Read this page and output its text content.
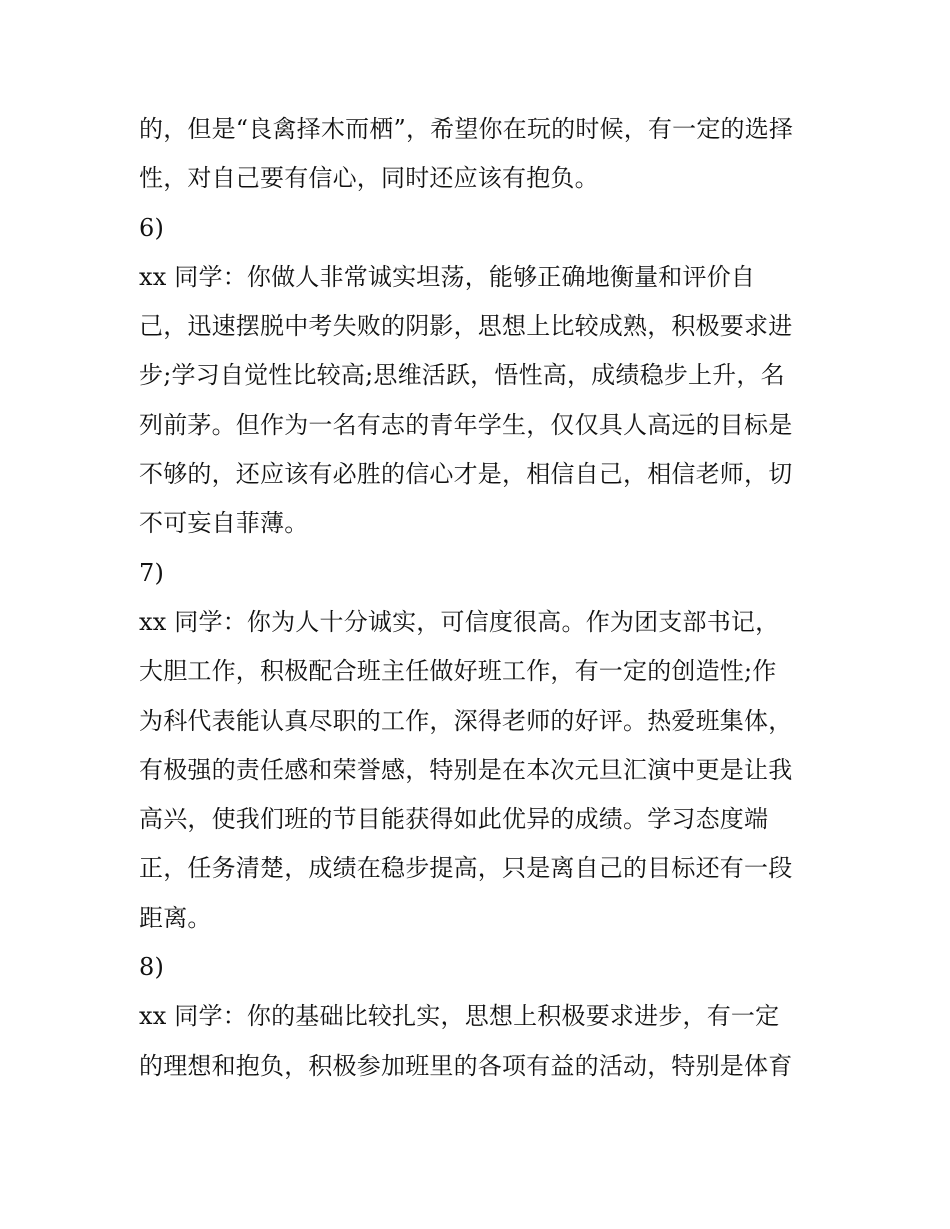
的，但是“良禽择木而栖”，希望你在玩的时候，有一定的选择
性，对自己要有信心，同时还应该有抱负。
6)
xx 同学：你做人非常诚实坦荡，能够正确地衡量和评价自
己，迅速摆脱中考失败的阴影，思想上比较成熟，积极要求进
步;学习自觉性比较高;思维活跃，悟性高，成绩稳步上升，名
列前茅。但作为一名有志的青年学生，仅仅具人高远的目标是
不够的，还应该有必胜的信心才是，相信自己，相信老师，切
不可妄自菲薄。
7)
xx 同学：你为人十分诚实，可信度很高。作为团支部书记，
大胆工作，积极配合班主任做好班工作，有一定的创造性;作
为科代表能认真尽职的工作，深得老师的好评。热爱班集体，
有极强的责任感和荣誉感，特别是在本次元旦汇演中更是让我
高兴，使我们班的节目能获得如此优异的成绩。学习态度端
正，任务清楚，成绩在稳步提高，只是离自己的目标还有一段
距离。
8)
xx 同学：你的基础比较扎实，思想上积极要求进步，有一定
的理想和抱负，积极参加班里的各项有益的活动，特别是体育
